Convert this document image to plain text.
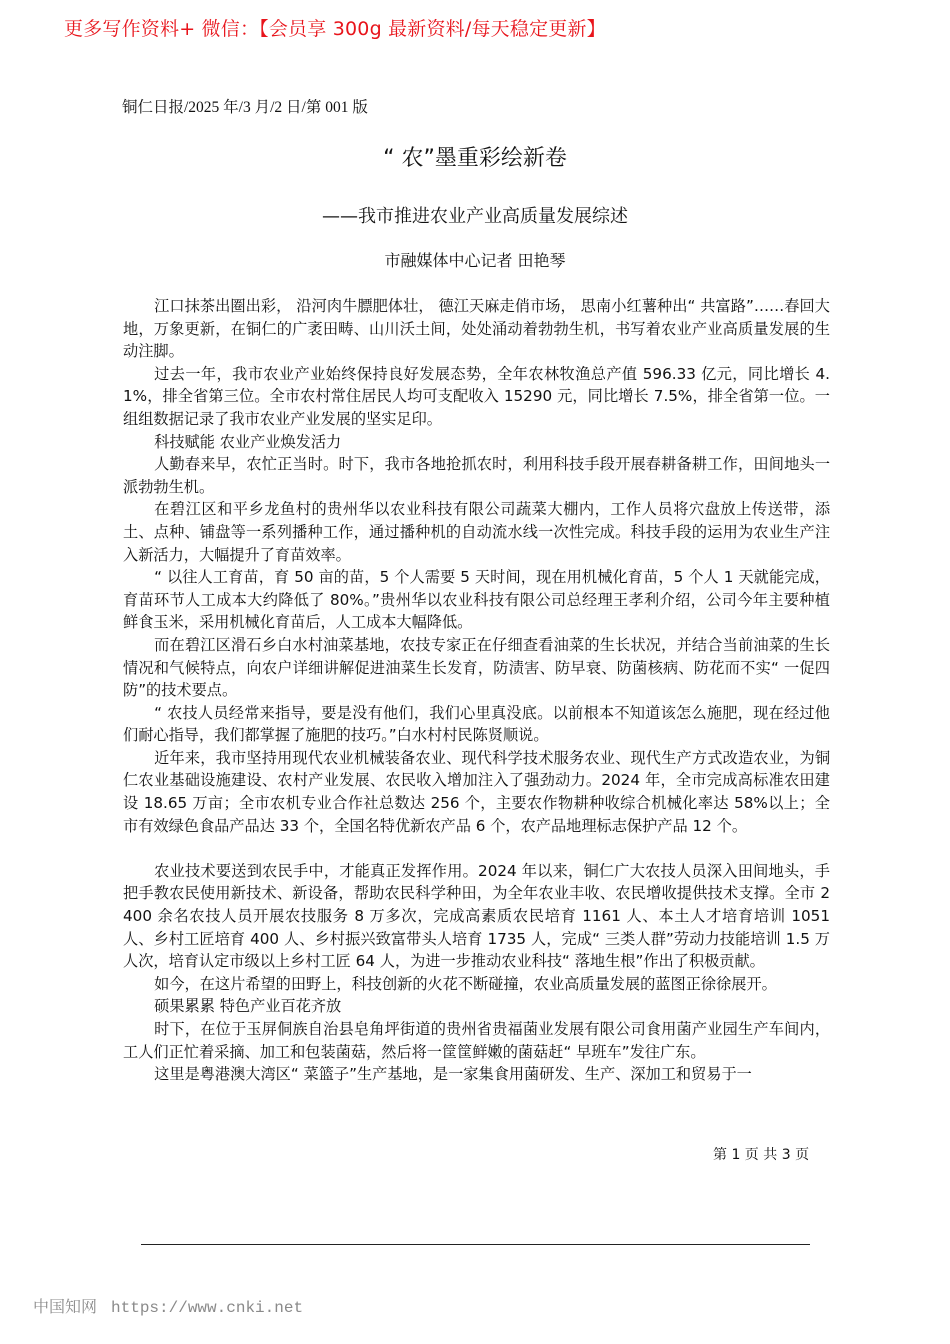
更多写作资料+ 微信：【会员享 300g 最新资料/每天稳定更新】
铜仁日报/2025 年/3 月/2 日/第 001 版
“ 农”墨重彩绘新卷
——我市推进农业产业高质量发展综述
市融媒体中心记者 田艳琴

江口抹茶出圈出彩， 沿河肉牛膘肥体壮， 德江天麻走俏市场， 思南小红薯种出“ 共富路”……春回大地，万象更新，在铜仁的广袤田畴、山川沃土间，处处涌动着勃勃生机，书写着农业产业高质量发展的生动注脚。

过去一年，我市农业产业始终保持良好发展态势，全年农林牧渔总产值 596.33 亿元，同比增长 4.1%，排全省第三位。全市农村常住居民人均可支配收入 15290 元，同比增长 7.5%，排全省第一位。一组组数据记录了我市农业产业发展的坚实足印。

科技赋能 农业产业焕发活力

人勤春来早，农忙正当时。时下，我市各地抢抓农时，利用科技手段开展春耕备耕工作，田间地头一派勃勃生机。

在碧江区和平乡龙鱼村的贵州华以农业科技有限公司蔬菜大棚内，工作人员将穴盘放上传送带，添土、点种、铺盘等一系列播种工作，通过播种机的自动流水线一次性完成。科技手段的运用为农业生产注入新活力，大幅提升了育苗效率。

“ 以往人工育苗，育 50 亩的苗，5 个人需要 5 天时间，现在用机械化育苗，5 个人 1 天就能完成，育苗环节人工成本大约降低了 80%。”贵州华以农业科技有限公司总经理王孝利介绍，公司今年主要种植鲜食玉米，采用机械化育苗后，人工成本大幅降低。

而在碧江区滑石乡白水村油菜基地，农技专家正在仔细查看油菜的生长状况，并结合当前油菜的生长情况和气候特点，向农户详细讲解促进油菜生长发育，防渍害、防早衰、防菌核病、防花而不实“ 一促四防”的技术要点。

“ 农技人员经常来指导，要是没有他们，我们心里真没底。以前根本不知道该怎么施肥，现在经过他们耐心指导，我们都掌握了施肥的技巧。”白水村村民陈贤顺说。

近年来，我市坚持用现代农业机械装备农业、现代科学技术服务农业、现代生产方式改造农业，为铜仁农业基础设施建设、农村产业发展、农民收入增加注入了强劲动力。2024 年，全市完成高标准农田建设 18.65 万亩；全市农机专业合作社总数达 256 个，主要农作物耕种收综合机械化率达 58%以上；全市有效绿色食品产品达 33 个，全国名特优新农产品 6 个，农产品地理标志保护产品 12 个。

农业技术要送到农民手中，才能真正发挥作用。2024 年以来，铜仁广大农技人员深入田间地头，手把手教农民使用新技术、新设备，帮助农民科学种田，为全年农业丰收、农民增收提供技术支撑。全市 2400 余名农技人员开展农技服务 8 万多次，完成高素质农民培育 1161 人、本土人才培育培训 1051 人、乡村工匠培育 400 人、乡村振兴致富带头人培育 1735 人，完成“ 三类人群”劳动力技能培训 1.5 万人次，培育认定市级以上乡村工匠 64 人，为进一步推动农业科技“ 落地生根”作出了积极贡献。

如今，在这片希望的田野上，科技创新的火花不断碰撞，农业高质量发展的蓝图正徐徐展开。

硕果累累 特色产业百花齐放

时下，在位于玉屏侗族自治县皂角坪街道的贵州省贵福菌业发展有限公司食用菌产业园生产车间内，工人们正忙着采摘、加工和包装菌菇，然后将一筐筐鲜嫩的菌菇赶“ 早班车”发往广东。

这里是粤港澳大湾区“ 菜篮子”生产基地，是一家集食用菌研发、生产、深加工和贸易于一

第 1 页 共 3 页
中国知网 https://www.cnki.net
